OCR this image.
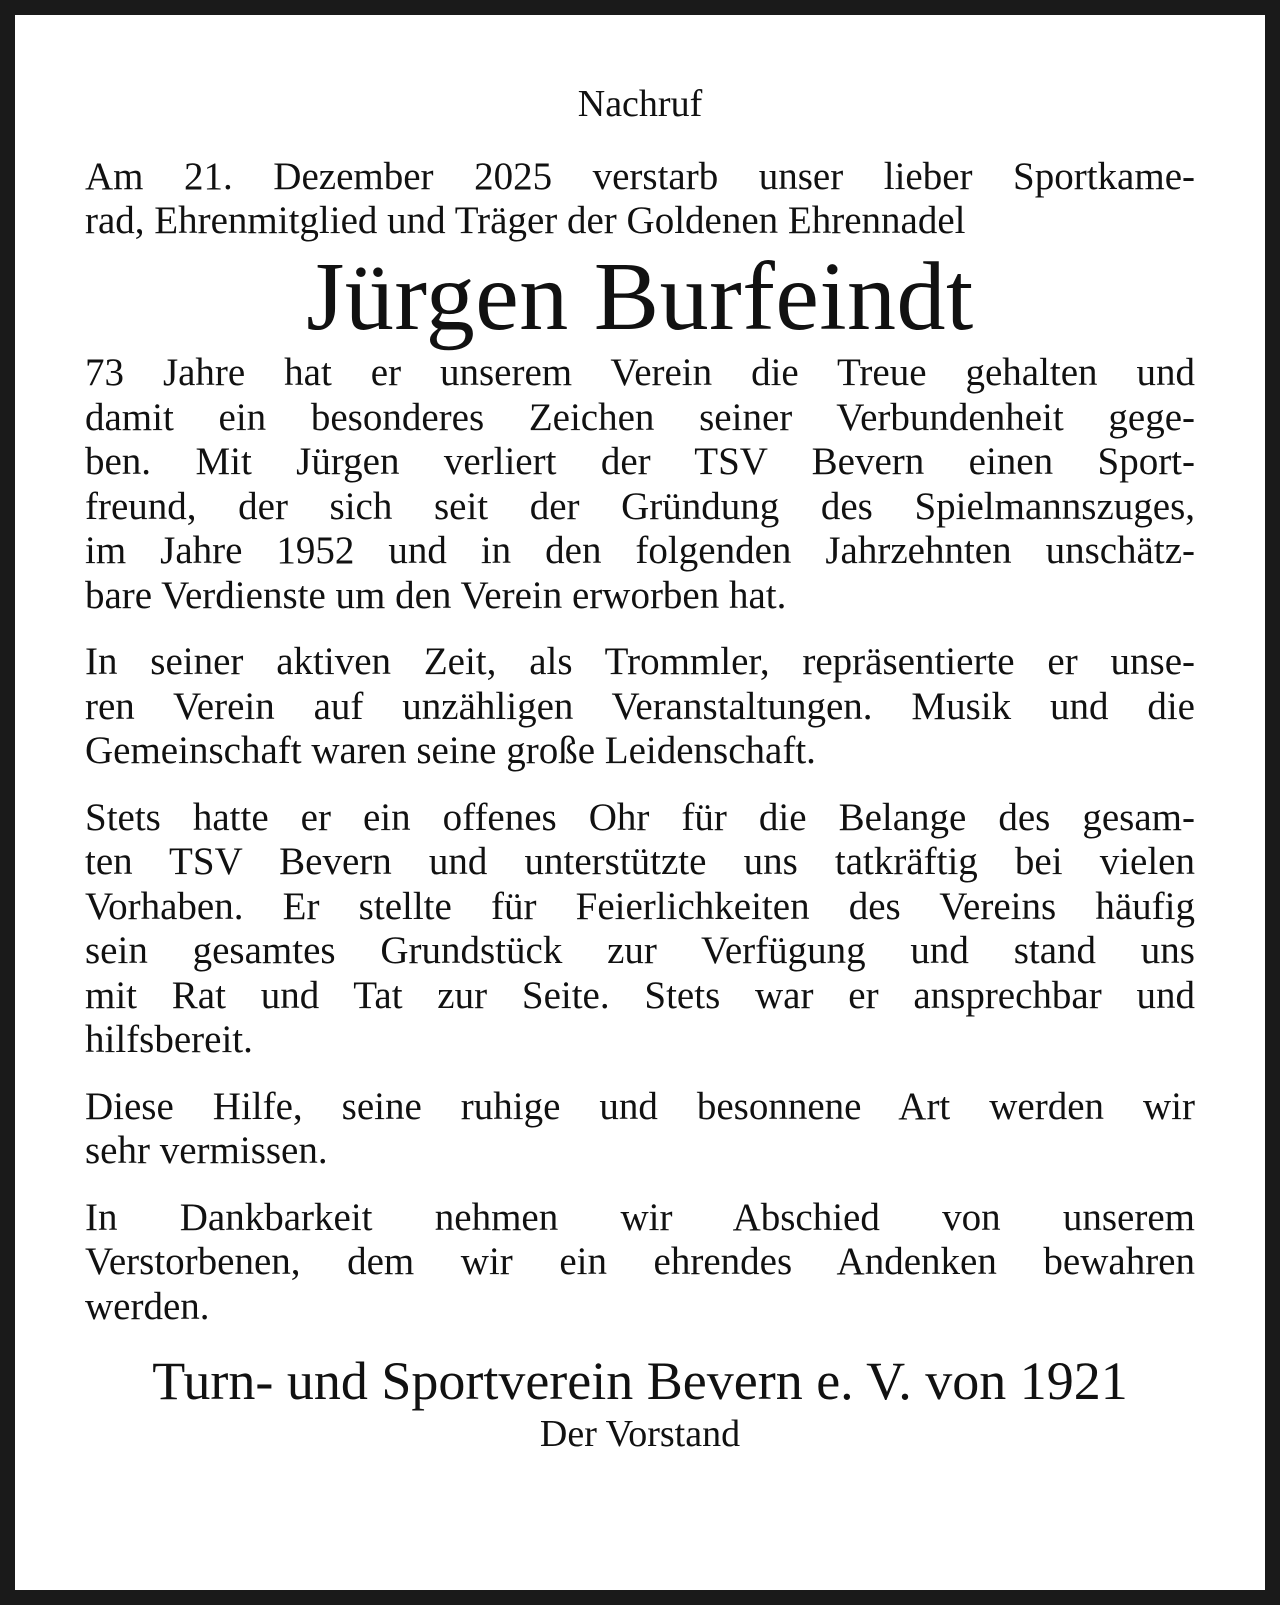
Nachruf
Am 21. Dezember 2025 verstarb unser lieber Sportkame-
rad, Ehrenmitglied und Träger der Goldenen Ehrennadel
Jürgen Burfeindt
73 Jahre hat er unserem Verein die Treue gehalten und
damit ein besonderes Zeichen seiner Verbundenheit gege-
ben. Mit Jürgen verliert der TSV Bevern einen Sport-
freund, der sich seit der Gründung des Spielmannszuges,
im Jahre 1952 und in den folgenden Jahrzehnten unschätz-
bare Verdienste um den Verein erworben hat.
In seiner aktiven Zeit, als Trommler, repräsentierte er unse-
ren Verein auf unzähligen Veranstaltungen. Musik und die
Gemeinschaft waren seine große Leidenschaft.
Stets hatte er ein offenes Ohr für die Belange des gesam-
ten TSV Bevern und unterstützte uns tatkräftig bei vielen
Vorhaben. Er stellte für Feierlichkeiten des Vereins häufig
sein gesamtes Grundstück zur Verfügung und stand uns
mit Rat und Tat zur Seite. Stets war er ansprechbar und
hilfsbereit.
Diese Hilfe, seine ruhige und besonnene Art werden wir
sehr vermissen.
In Dankbarkeit nehmen wir Abschied von unserem
Verstorbenen, dem wir ein ehrendes Andenken bewahren
werden.
Turn- und Sportverein Bevern e. V. von 1921
Der Vorstand
